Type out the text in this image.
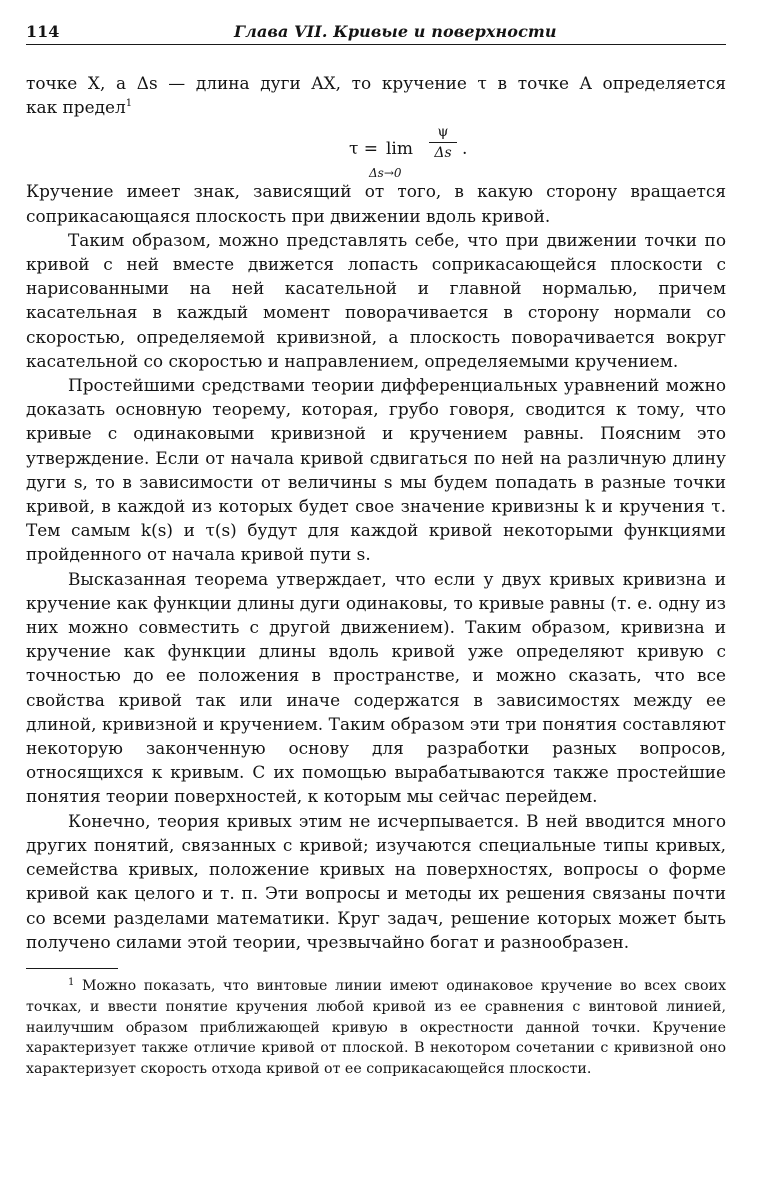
114	Глава VII. Кривые и поверхности

точке X, а Δs — длина дуги AX, то кручение τ в точке A определяется

как предел$^1$

τ = lim
Δs→0
ψ
Δs .

Кручение имеет знак, зависящий от того, в какую сторону вращается соприкасающаяся плоскость при движении вдоль кривой.

Таким образом, можно представлять себе, что при движении точки по кривой с ней вместе движется лопасть соприкасающейся плоскости с нарисованными на ней касательной и главной нормалью, причем касательная в каждый момент поворачивается в сторону нормали со скоростью, определяемой кривизной, а плоскость поворачивается вокруг касательной со скоростью и направлением, определяемыми кручением.

Простейшими средствами теории дифференциальных уравнений можно доказать основную теорему, которая, грубо говоря, сводится к тому, что кривые с одинаковыми кривизной и кручением равны. Поясним это утверждение. Если от начала кривой сдвигаться по ней на различную длину дуги s, то в зависимости от величины s мы будем попадать в разные точки кривой, в каждой из которых будет свое значение кривизны k и кручения τ. Тем самым k(s) и τ(s) будут для каждой кривой некоторыми функциями пройденного от начала кривой пути s.

Высказанная теорема утверждает, что если у двух кривых кривизна и кручение как функции длины дуги одинаковы, то кривые равны (т. е. одну из них можно совместить с другой движением). Таким образом, кривизна и кручение как функции длины вдоль кривой уже определяют кривую с точностью до ее положения в пространстве, и можно сказать, что все свойства кривой так или иначе содержатся в зависимостях между ее длиной, кривизной и кручением. Таким образом эти три понятия составляют некоторую законченную основу для разработки разных вопросов, относящихся к кривым. С их помощью вырабатываются также простейшие понятия теории поверхностей, к которым мы сейчас перейдем.

Конечно, теория кривых этим не исчерпывается. В ней вводится много других понятий, связанных с кривой; изучаются специальные типы кривых, семейства кривых, положение кривых на поверхностях, вопросы о форме кривой как целого и т. п. Эти вопросы и методы их решения связаны почти со всеми разделами математики. Круг задач, решение которых может быть получено силами этой теории, чрезвычайно богат и разнообразен.

$^1$ Можно показать, что винтовые линии имеют одинаковое кручение во всех своих точках, и ввести понятие кручения любой кривой из ее сравнения с винтовой линией, наилучшим образом приближающей кривую в окрестности данной точки. Кручение характеризует также отличие кривой от плоской. В некотором сочетании с кривизной оно характеризует скорость отхода кривой от ее соприкасающейся плоскости.
